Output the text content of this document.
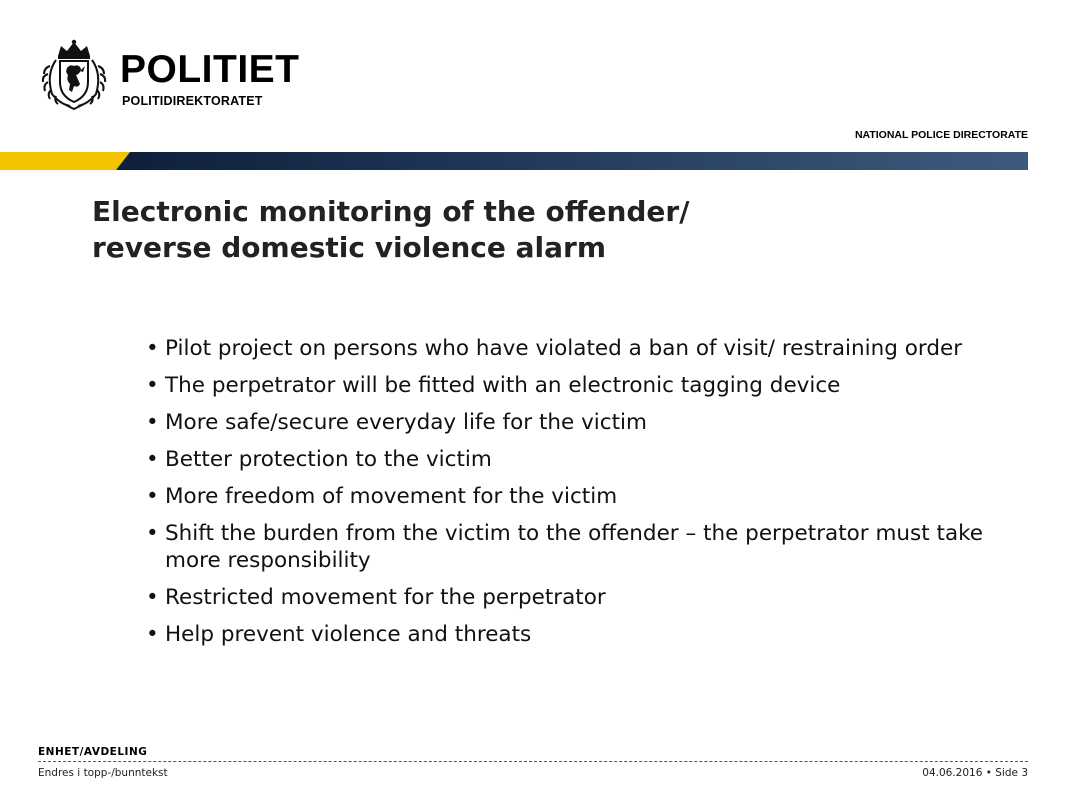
POLITIET
POLITIDIREKTORATET
NATIONAL POLICE DIRECTORATE
Electronic monitoring of the offender/
reverse domestic violence alarm
• Pilot project on persons who have violated a ban of visit/ restraining order
• The perpetrator will be fitted with an electronic tagging device
• More safe/secure everyday life for the victim
• Better protection to the victim
• More freedom of movement for the victim
• Shift the burden from the victim to the offender – the perpetrator must take more responsibility
• Restricted movement for the perpetrator
• Help prevent violence and threats
ENHET/AVDELING
Endres i topp-/bunntekst	04.06.2016 • Side 3
